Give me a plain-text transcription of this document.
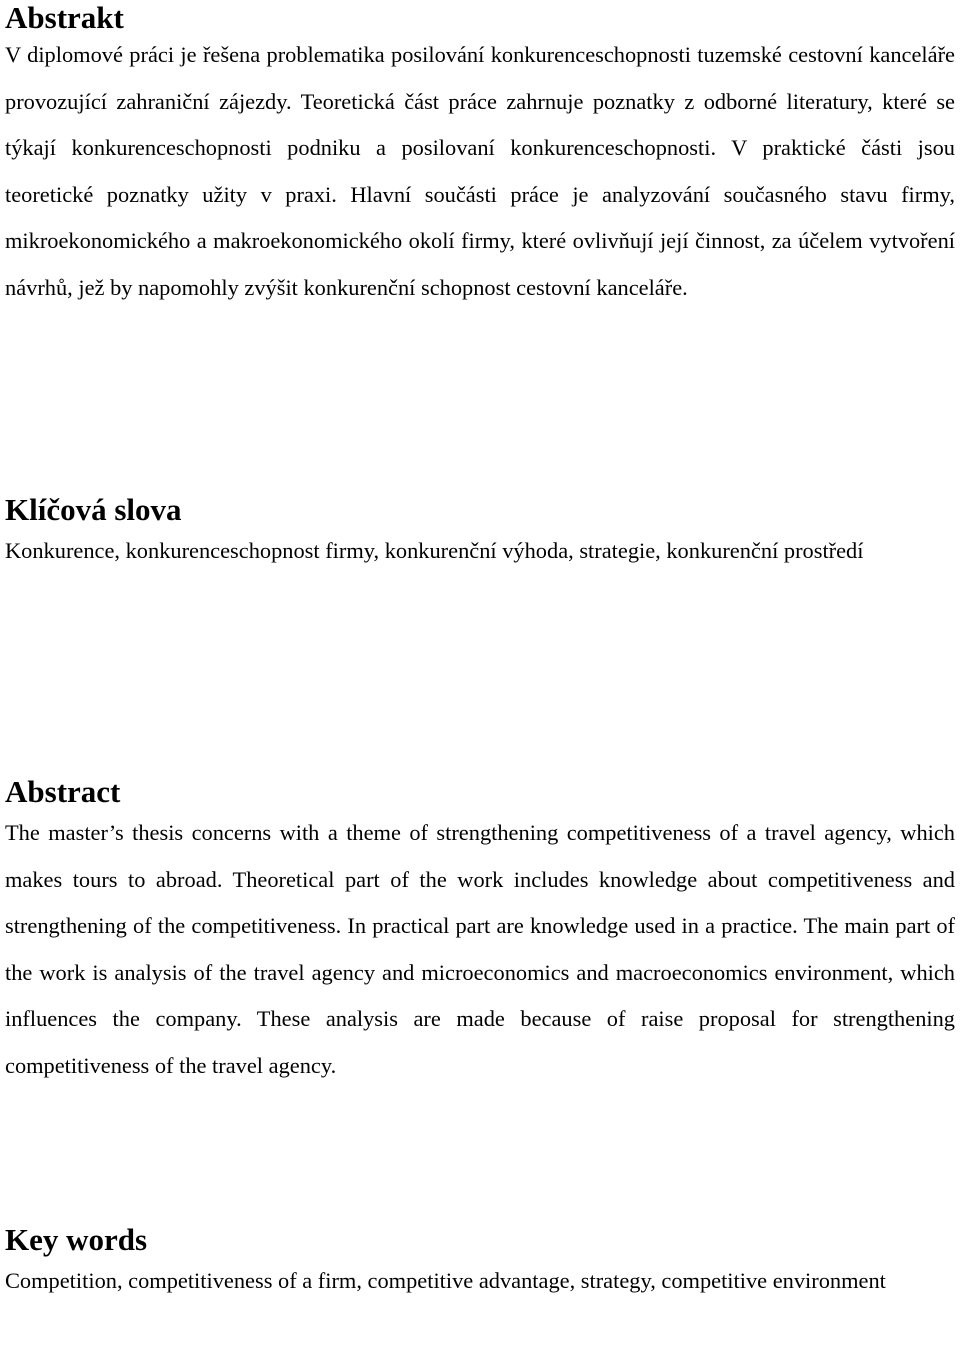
Abstrakt

V diplomové práci je řešena problematika posilování konkurenceschopnosti tuzemské cestovní kanceláře provozující zahraniční zájezdy. Teoretická část práce zahrnuje poznatky z odborné literatury, které se týkají konkurenceschopnosti podniku a posilovaní konkurenceschopnosti. V praktické části jsou teoretické poznatky užity v praxi. Hlavní součásti práce je analyzování současného stavu firmy, mikroekonomického a makroekonomického okolí firmy, které ovlivňují její činnost, za účelem vytvoření návrhů, jež by napomohly zvýšit konkurenční schopnost cestovní kanceláře.

Klíčová slova

Konkurence, konkurenceschopnost firmy, konkurenční výhoda, strategie, konkurenční prostředí

Abstract

The master’s thesis concerns with a theme of strengthening competitiveness of a travel agency, which makes tours to abroad. Theoretical part of the work includes knowledge about competitiveness and strengthening of the competitiveness. In practical part are knowledge used in a practice. The main part of the work is analysis of the travel agency and microeconomics and macroeconomics environment, which influences the company. These analysis are made because of raise proposal for strengthening competitiveness of the travel agency.

Key words

Competition, competitiveness of a firm, competitive advantage, strategy, competitive environment
